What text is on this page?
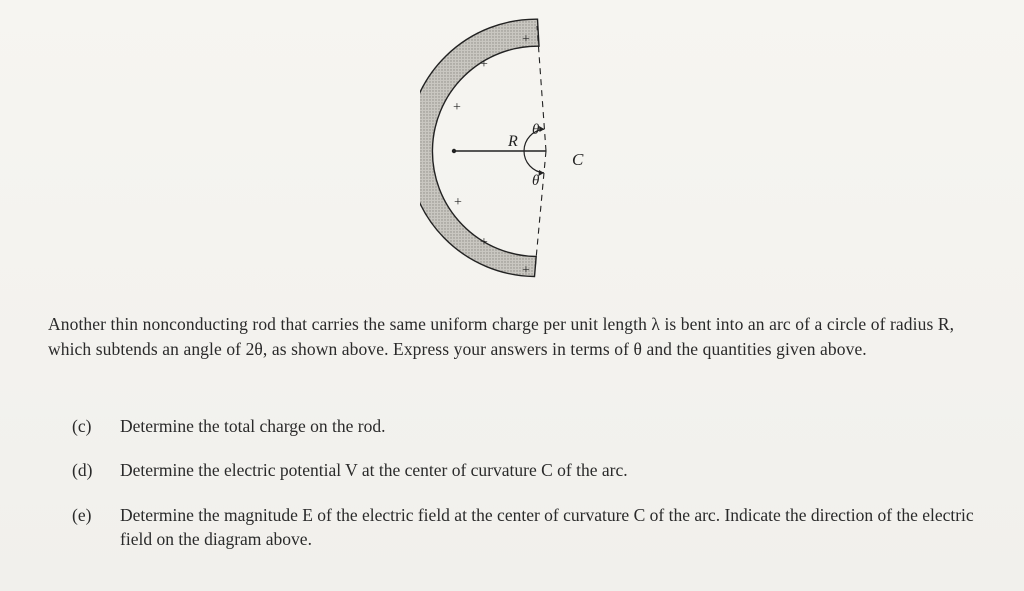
+
+
+
+
+
+
R
θ
θ
C
Another thin nonconducting rod that carries the same uniform charge per unit length λ is bent into an arc of a circle of radius R, which subtends an angle of 2θ, as shown above. Express your answers in terms of θ and the quantities given above.
(c)	Determine the total charge on the rod.
(d)	Determine the electric potential V at the center of curvature C of the arc.
(e)	Determine the magnitude E of the electric field at the center of curvature C of the arc. Indicate the direction of the electric field on the diagram above.
